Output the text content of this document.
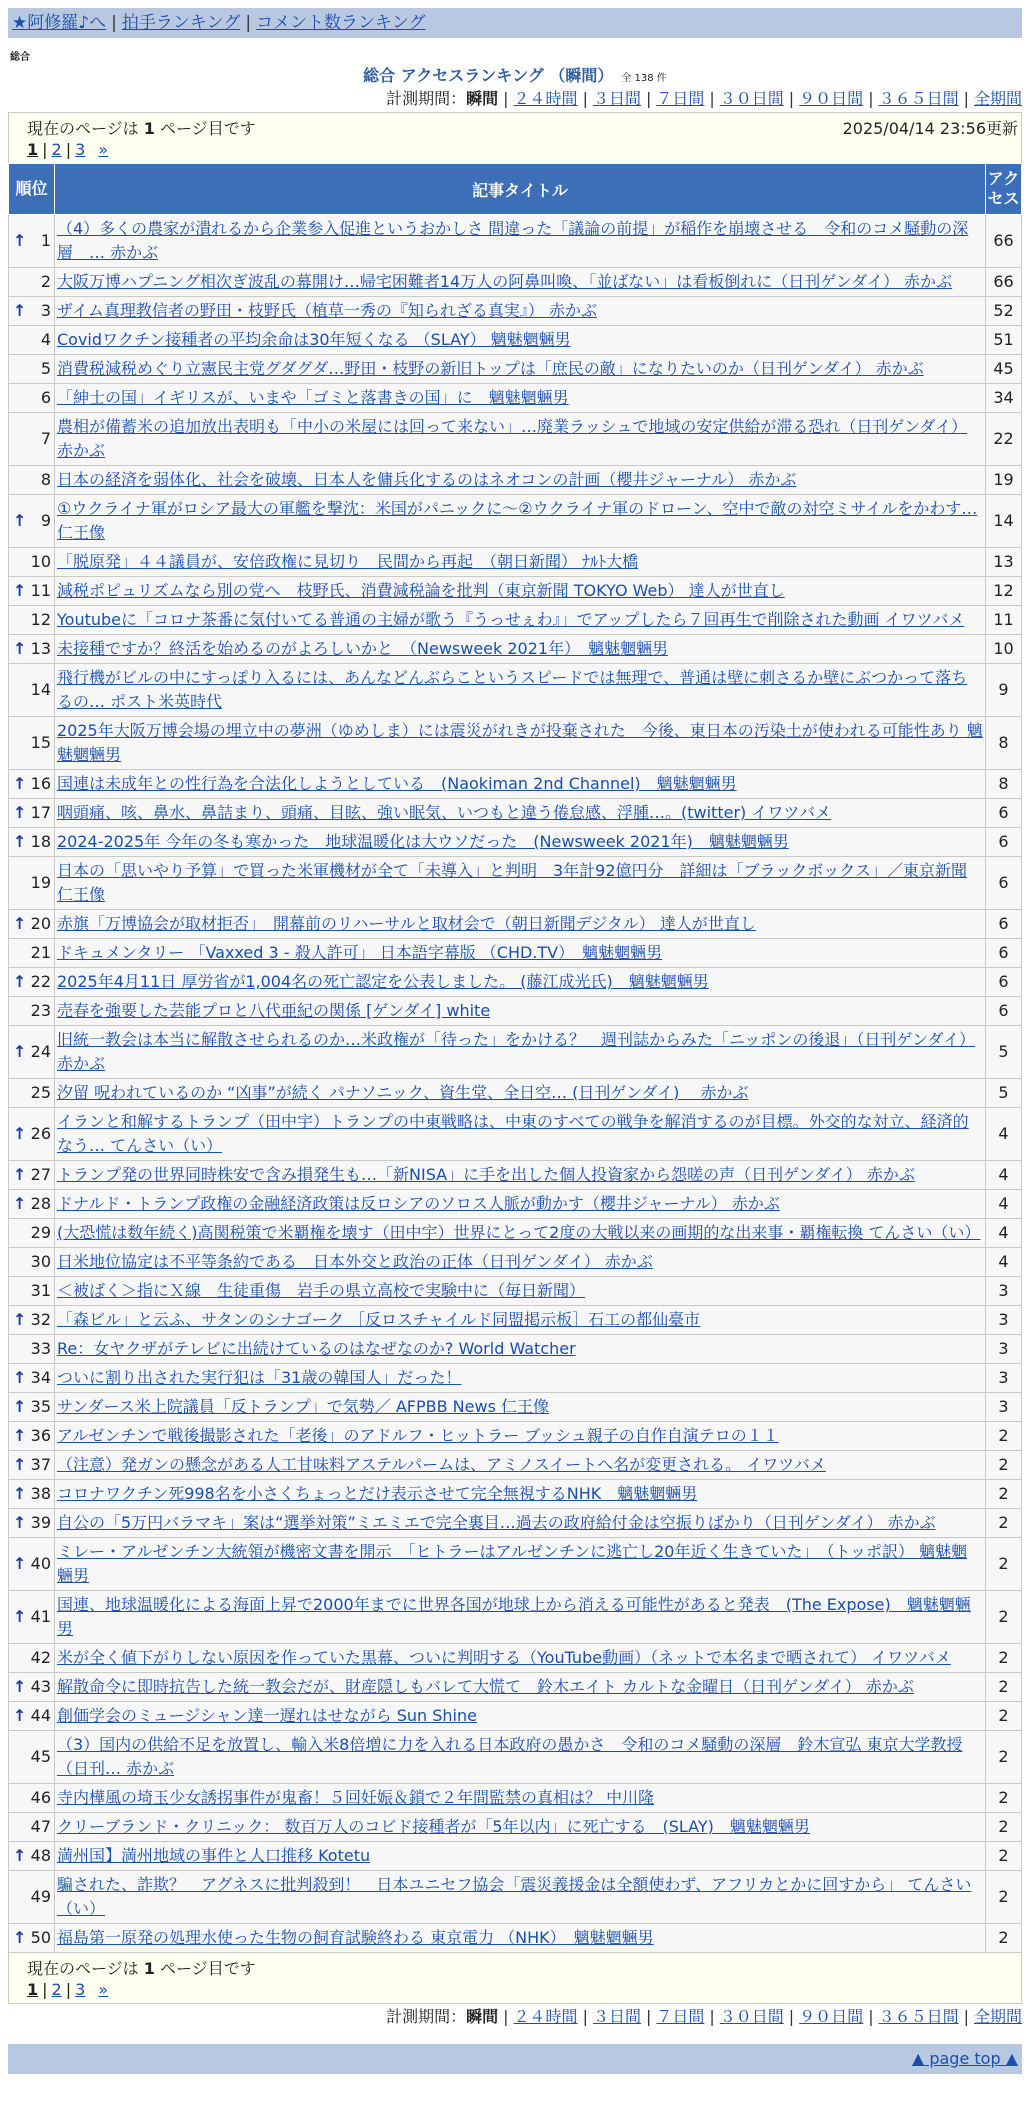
★阿修羅♪へ | 拍手ランキング | コメント数ランキング
総合
総合 アクセスランキング （瞬間） 全 138 件
計測期間：瞬間 | ２４時間 | ３日間 | ７日間 | ３０日間 | ９０日間 | ３６５日間 | 全期間
現在のページは 1 ページ目です	2025/04/14 23:56更新
1 | 2 | 3 »
順位	記事タイトル	アクセス

↑ 1	（4）多くの農家が潰れるから企業参入促進というおかしさ 間違った「議論の前提」が稲作を崩壊させる　令和のコメ騒動の深層　… 赤かぶ	66
2	大阪万博ハプニング相次ぎ波乱の幕開け…帰宅困難者14万人の阿鼻叫喚、「並ばない」は看板倒れに（日刊ゲンダイ） 赤かぶ	66

↑ 3	ザイム真理教信者の野田・枝野氏（植草一秀の『知られざる真実』） 赤かぶ	52
4	Covidワクチン接種者の平均余命は30年短くなる （SLAY） 魑魅魍魎男	51
5	消費税減税めぐり立憲民主党グダグダ…野田・枝野の新旧トップは「庶民の敵」になりたいのか（日刊ゲンダイ） 赤かぶ	45
6	「紳士の国」イギリスが、いまや「ゴミと落書きの国」に　魑魅魍魎男	34
7	農相が備蓄米の追加放出表明も「中小の米屋には回って来ない」…廃業ラッシュで地域の安定供給が滞る恐れ（日刊ゲンダイ） 赤かぶ	22
8	日本の経済を弱体化、社会を破壊、日本人を傭兵化するのはネオコンの計画（櫻井ジャーナル） 赤かぶ	19

↑ 9	①ウクライナ軍がロシア最大の軍艦を撃沈：米国がパニックに〜②ウクライナ軍のドローン、空中で敵の対空ミサイルをかわす… 仁王像	14
10	「脱原発」４４議員が、安倍政権に見切り　民間から再起　（朝日新聞） ﾅﾙﾄ大橋	13

↑ 11	減税ポピュリズムなら別の党へ　枝野氏、消費減税論を批判（東京新聞 TOKYO Web） 達人が世直し	12
12	Youtubeに「コロナ茶番に気付いてる普通の主婦が歌う『うっせぇわ』」でアップしたら７回再生で削除された動画 イワツバメ	11

↑ 13	未接種ですか？終活を始めるのがよろしいかと　（Newsweek 2021年）　魑魅魍魎男	10
14	飛行機がビルの中にすっぽり入るには、あんなどんぶらこというスピードでは無理で、普通は壁に刺さるか壁にぶつかって落ちるの… ポスト米英時代	9
15	2025年大阪万博会場の埋立中の夢洲（ゆめしま）には震災がれきが投棄された　今後、東日本の汚染土が使われる可能性あり 魑魅魍魎男	8

↑ 16	国連は未成年との性行為を合法化しようとしている　(Naokiman 2nd Channel)　魑魅魍魎男	8

↑ 17	咽頭痛、咳、鼻水、鼻詰まり、頭痛、目眩、強い眠気、いつもと違う倦怠感、浮腫…。(twitter) イワツバメ	6

↑ 18	2024-2025年 今年の冬も寒かった　地球温暖化は大ウソだった　(Newsweek 2021年)　魑魅魍魎男	6
19	日本の「思いやり予算」で買った米軍機材が全て「未導入」と判明　3年計92億円分　詳細は「ブラックボックス」／東京新聞 仁王像	6

↑ 20	赤旗「万博協会が取材拒否」　開幕前のリハーサルと取材会で（朝日新聞デジタル） 達人が世直し	6
21	ドキュメンタリー 「Vaxxed 3 - 殺人許可」 日本語字幕版 （CHD.TV）　魑魅魍魎男	6

↑ 22	2025年4月11日 厚労省が1,004名の死亡認定を公表しました。 (藤江成光氏)　魑魅魍魎男	6
23	売春を強要した芸能プロと八代亜紀の関係 [ゲンダイ] white	6

↑ 24	旧統一教会は本当に解散させられるのか…米政権が「待った」をかける？　週刊誌からみた「ニッポンの後退」（日刊ゲンダイ） 赤かぶ	5
25	汐留 呪われているのか “凶事”が続く パナソニック、資生堂、全日空… (日刊ゲンダイ)　 赤かぶ	5

↑ 26	イランと和解するトランプ（田中宇）トランプの中東戦略は、中東のすべての戦争を解消するのが目標。外交的な対立、経済的なう… てんさい（い）	4

↑ 27	トランプ発の世界同時株安で含み損発生も…「新NISA」に手を出した個人投資家から怨嗟の声（日刊ゲンダイ） 赤かぶ	4

↑ 28	ドナルド・トランプ政権の金融経済政策は反ロシアのソロス人脈が動かす（櫻井ジャーナル） 赤かぶ	4
29	(大恐慌は数年続く)高関税策で米覇権を壊す（田中宇）世界にとって2度の大戦以来の画期的な出来事・覇権転換 てんさい（い）	4
30	日米地位協定は不平等条約である　日本外交と政治の正体（日刊ゲンダイ） 赤かぶ	4
31	＜被ばく＞指にＸ線　生徒重傷　岩手の県立高校で実験中に（毎日新聞）	3

↑ 32	「森ビル」と云ふ、サタンのシナゴーク ［反ロスチャイルド同盟掲示板］石工の都仙臺市	3
33	Re：女ヤクザがテレビに出続けているのはなぜなのか? World Watcher	3

↑ 34	ついに割り出された実行犯は「31歳の韓国人」だった！	3

↑ 35	サンダース米上院議員「反トランプ」で気勢／ AFPBB News 仁王像	3

↑ 36	アルゼンチンで戦後撮影された「老後」のアドルフ・ヒットラー ブッシュ親子の自作自演テロの１１	2

↑ 37	（注意）発ガンの懸念がある人工甘味料アステルパームは、アミノスイートへ名が変更される。 イワツバメ	2

↑ 38	コロナワクチン死998名を小さくちょっとだけ表示させて完全無視するNHK　魑魅魍魎男	2

↑ 39	自公の「5万円バラマキ」案は“選挙対策”ミエミエで完全裏目…過去の政府給付金は空振りばかり（日刊ゲンダイ） 赤かぶ	2

↑ 40	ミレー・アルゼンチン大統領が機密文書を開示　「ヒトラーはアルゼンチンに逃亡し20年近く生きていた」　（トッポ訳） 魑魅魍魎男	2

↑ 41	国連、地球温暖化による海面上昇で2000年までに世界各国が地球上から消える可能性があると発表　(The Expose)　魑魅魍魎男	2
42	米が全く値下がりしない原因を作っていた黒幕、ついに判明する（YouTube動画）（ネットで本名まで晒されて） イワツバメ	2

↑ 43	解散命令に即時抗告した統一教会だが、財産隠しもバレて大慌て　鈴木エイト カルトな金曜日（日刊ゲンダイ） 赤かぶ	2

↑ 44	創価学会のミュージシャン達一遅れはせながら Sun Shine	2
45	（3）国内の供給不足を放置し、輸入米8倍増に力を入れる日本政府の愚かさ　令和のコメ騒動の深層　鈴木宣弘 東京大学教授（日刊… 赤かぶ	2
46	寺内樺風の埼玉少女誘拐事件が鬼畜！５回妊娠＆鎖で２年間監禁の真相は？ 中川隆	2
47	クリーブランド・クリニック： 数百万人のコビド接種者が「5年以内」に死亡する　(SLAY)　魑魅魍魎男	2

↑ 48	満州国】満州地域の事件と人口推移 Kotetu	2
49	騙された、詐欺？　アグネスに批判殺到！　日本ユニセフ協会「震災義援金は全額使わず、アフリカとかに回すから」 てんさい（い）	2

↑ 50	福島第一原発の処理水使った生物の飼育試験終わる 東京電力 （NHK）　魑魅魍魎男	2
現在のページは 1 ページ目です
1 | 2 | 3 »
計測期間：瞬間 | ２４時間 | ３日間 | ７日間 | ３０日間 | ９０日間 | ３６５日間 | 全期間
▲ page top ▲
